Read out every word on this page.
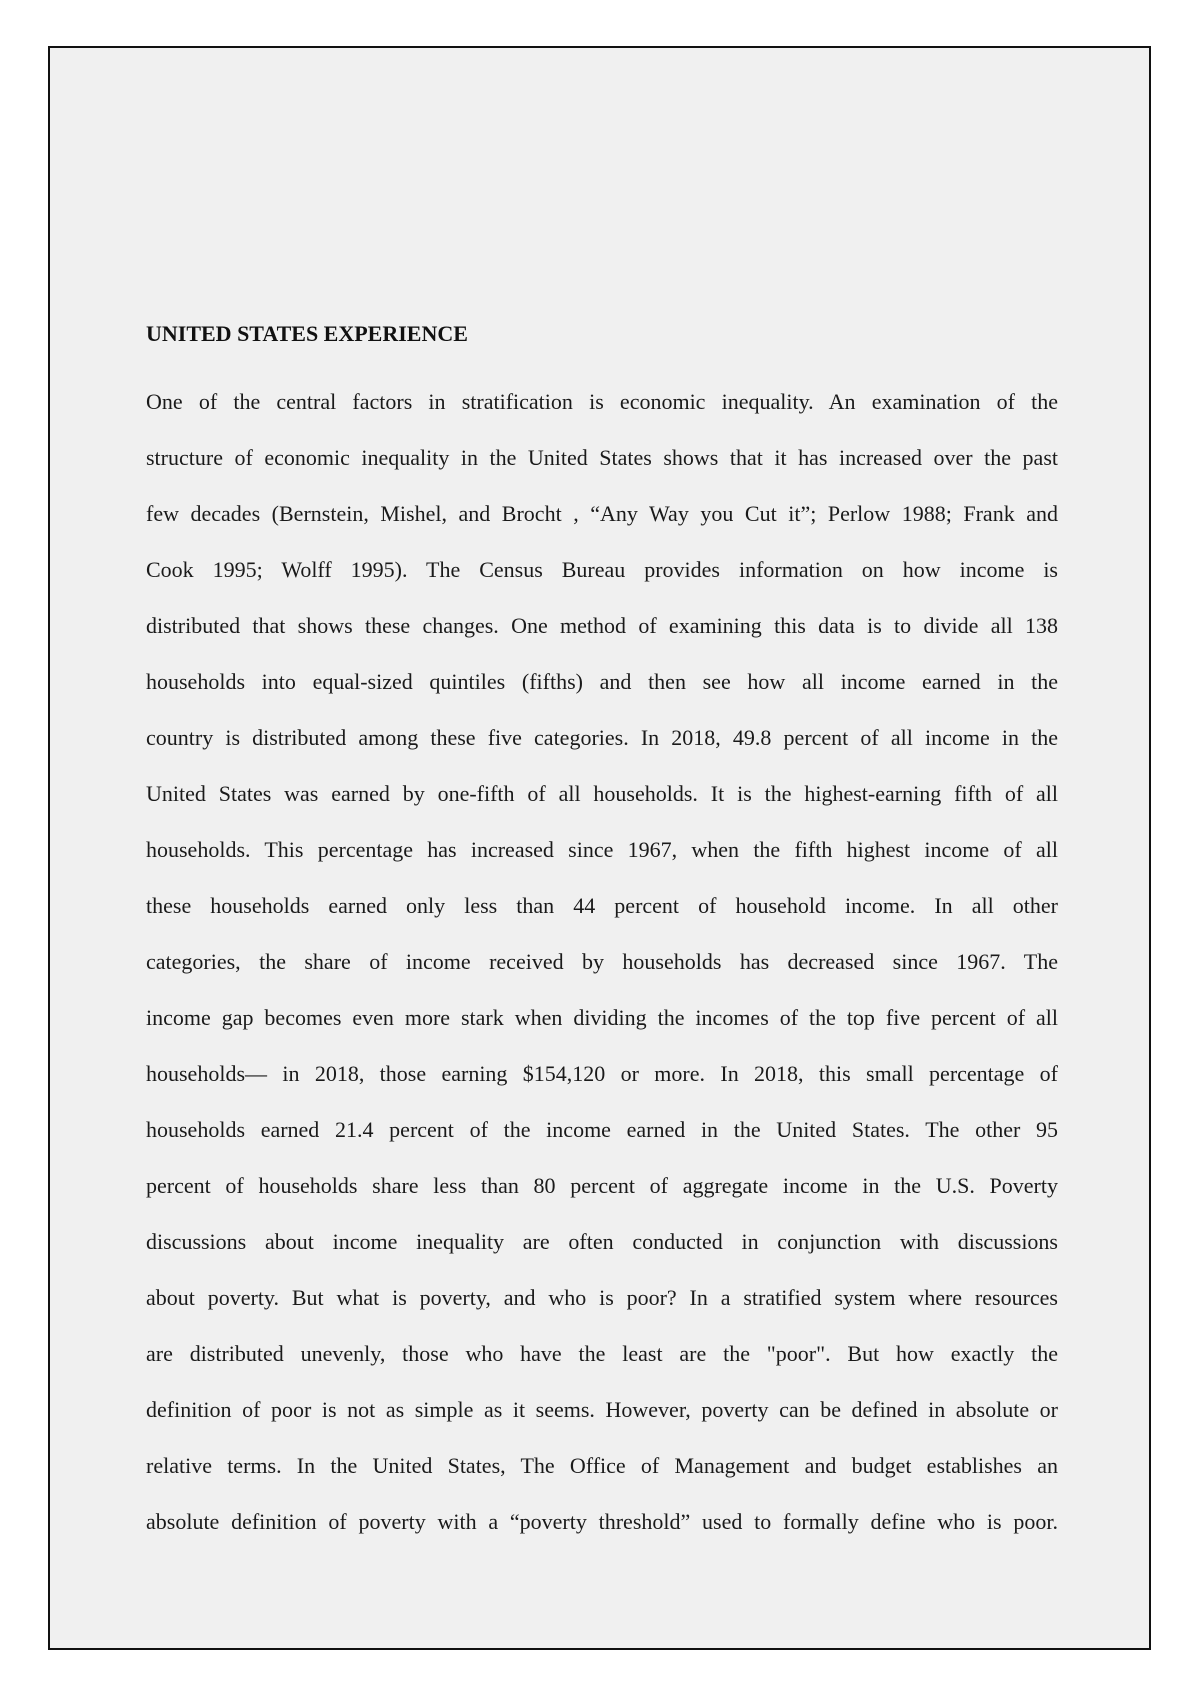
UNITED STATES EXPERIENCE
One of the central factors in stratification is economic inequality. An examination of the
structure of economic inequality in the United States shows that it has increased over the past
few decades (Bernstein, Mishel, and Brocht , “Any Way you Cut it”; Perlow 1988; Frank and
Cook 1995; Wolff 1995). The Census Bureau provides information on how income is
distributed that shows these changes. One method of examining this data is to divide all 138
households into equal-sized quintiles (fifths) and then see how all income earned in the
country is distributed among these five categories. In 2018, 49.8 percent of all income in the
United States was earned by one-fifth of all households. It is the highest-earning fifth of all
households. This percentage has increased since 1967, when the fifth highest income of all
these households earned only less than 44 percent of household income. In all other
categories, the share of income received by households has decreased since 1967. The
income gap becomes even more stark when dividing the incomes of the top five percent of all
households— in 2018, those earning $154,120 or more. In 2018, this small percentage of
households earned 21.4 percent of the income earned in the United States. The other 95
percent of households share less than 80 percent of aggregate income in the U.S. Poverty
discussions about income inequality are often conducted in conjunction with discussions
about poverty. But what is poverty, and who is poor? In a stratified system where resources
are distributed unevenly, those who have the least are the "poor". But how exactly the
definition of poor is not as simple as it seems. However, poverty can be defined in absolute or
relative terms. In the United States, The Office of Management and budget establishes an
absolute definition of poverty with a “poverty threshold” used to formally define who is poor.
